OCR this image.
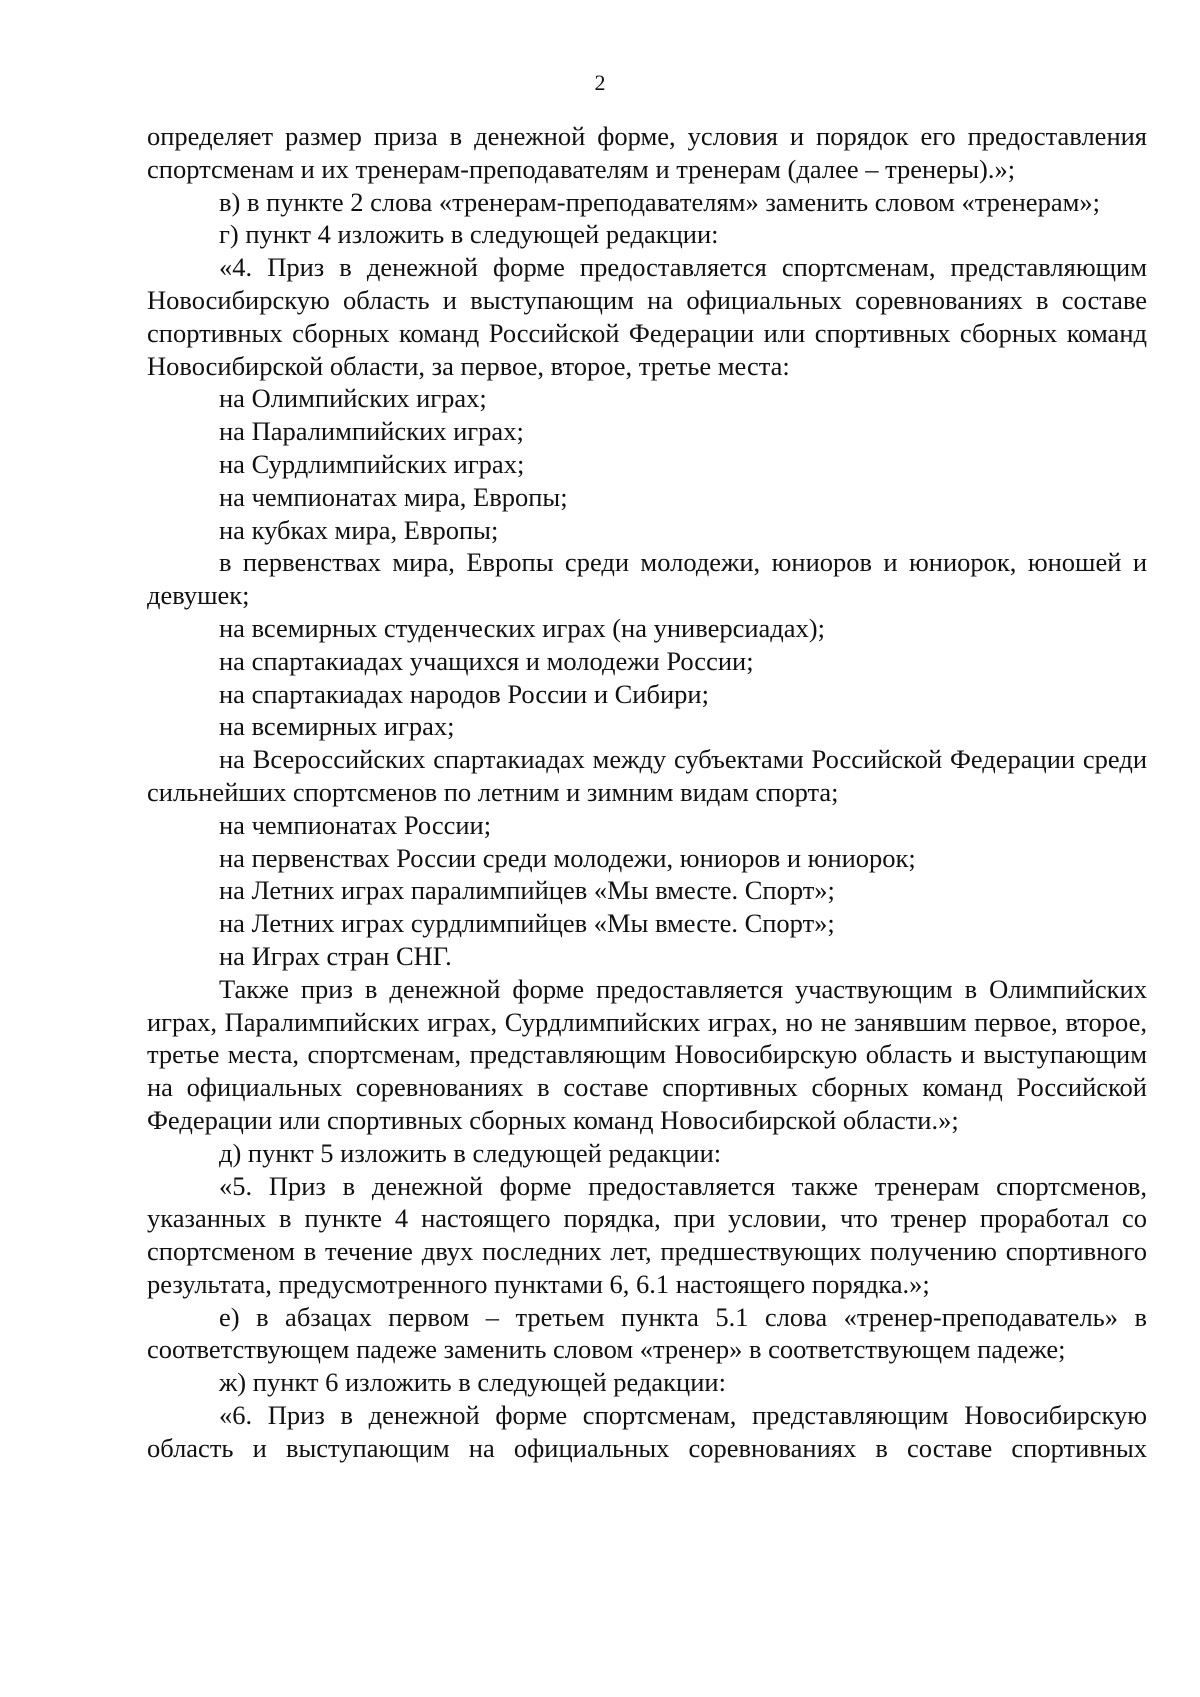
2

определяет размер приза в денежной форме, условия и порядок его предоставления спортсменам и их тренерам-преподавателям и тренерам (далее – тренеры).»;

в) в пункте 2 слова «тренерам-преподавателям» заменить словом «тренерам»;

г) пункт 4 изложить в следующей редакции:

«4. Приз в денежной форме предоставляется спортсменам, представляющим Новосибирскую область и выступающим на официальных соревнованиях в составе спортивных сборных команд Российской Федерации или спортивных сборных команд Новосибирской области, за первое, второе, третье места:

на Олимпийских играх;

на Паралимпийских играх;

на Сурдлимпийских играх;

на чемпионатах мира, Европы;

на кубках мира, Европы;

в первенствах мира, Европы среди молодежи, юниоров и юниорок, юношей и девушек;

на всемирных студенческих играх (на универсиадах);

на спартакиадах учащихся и молодежи России;

на спартакиадах народов России и Сибири;

на всемирных играх;

на Всероссийских спартакиадах между субъектами Российской Федерации среди сильнейших спортсменов по летним и зимним видам спорта;

на чемпионатах России;

на первенствах России среди молодежи, юниоров и юниорок;

на Летних играх паралимпийцев «Мы вместе. Спорт»;

на Летних играх сурдлимпийцев «Мы вместе. Спорт»;

на Играх стран СНГ.

Также приз в денежной форме предоставляется участвующим в Олимпийских играх, Паралимпийских играх, Сурдлимпийских играх, но не занявшим первое, второе, третье места, спортсменам, представляющим Новосибирскую область и выступающим на официальных соревнованиях в составе спортивных сборных команд Российской Федерации или спортивных сборных команд Новосибирской области.»;

д) пункт 5 изложить в следующей редакции:

«5. Приз в денежной форме предоставляется также тренерам спортсменов, указанных в пункте 4 настоящего порядка, при условии, что тренер проработал со спортсменом в течение двух последних лет, предшествующих получению спортивного результата, предусмотренного пунктами 6, 6.1 настоящего порядка.»;

е) в абзацах первом – третьем пункта 5.1 слова «тренер-преподаватель» в соответствующем падеже заменить словом «тренер» в соответствующем падеже;

ж) пункт 6 изложить в следующей редакции:

«6. Приз в денежной форме спортсменам, представляющим Новосибирскую область и выступающим на официальных соревнованиях в составе спортивных
